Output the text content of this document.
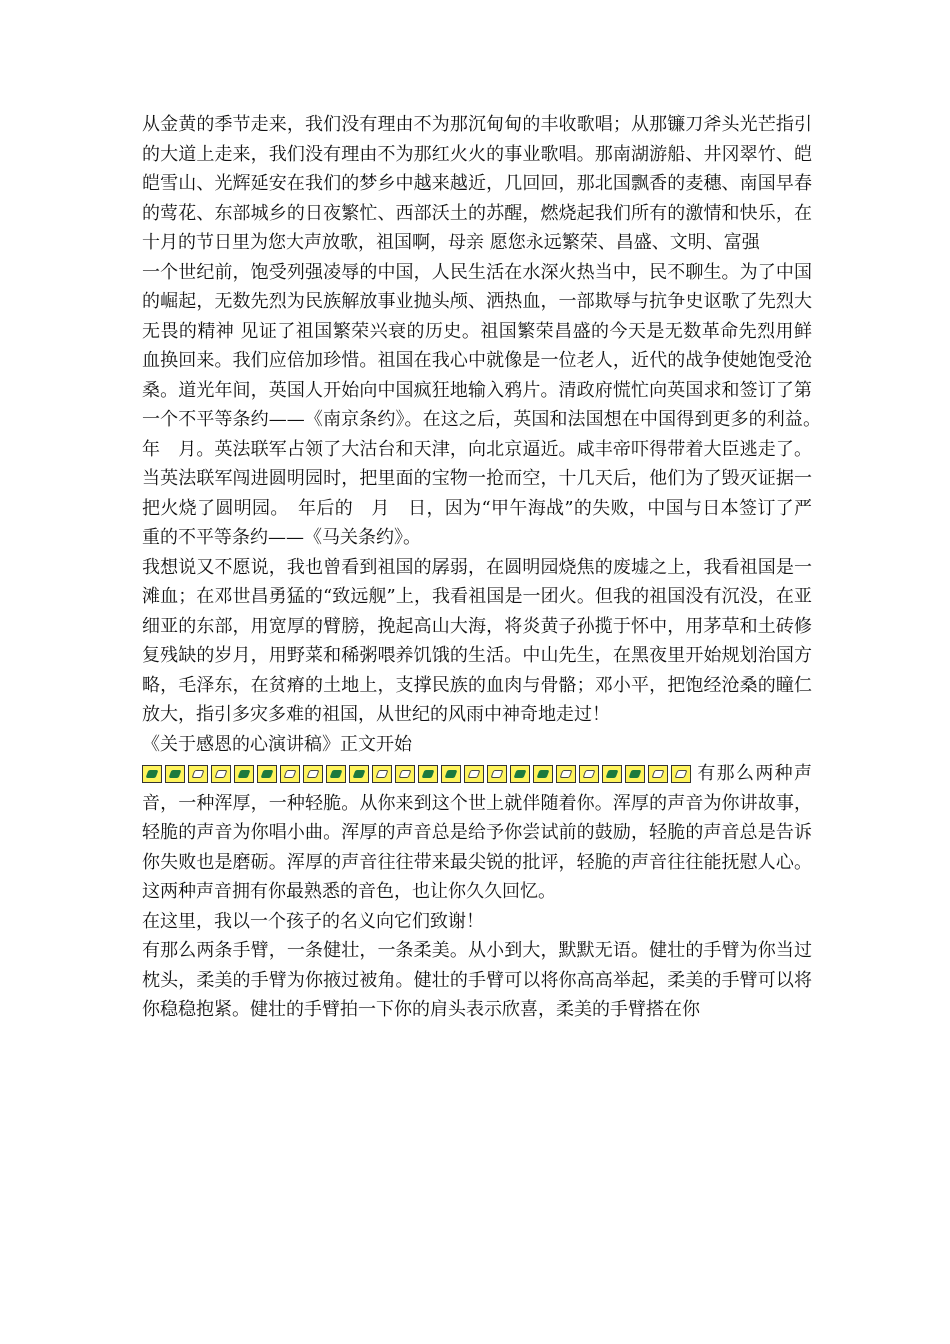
从金黄的季节走来，我们没有理由不为那沉甸甸的丰收歌唱；从那镰刀斧头光芒指引的大道上走来，我们没有理由不为那红火火的事业歌唱。那南湖游船、井冈翠竹、皑皑雪山、光辉延安在我们的梦乡中越来越近，几回回，那北国飘香的麦穗、南国早春的莺花、东部城乡的日夜繁忙、西部沃土的苏醒，燃烧起我们所有的激情和快乐，在十月的节日里为您大声放歌，祖国啊，母亲 愿您永远繁荣、昌盛、文明、富强

一个世纪前，饱受列强凌辱的中国，人民生活在水深火热当中，民不聊生。为了中国的崛起，无数先烈为民族解放事业抛头颅、洒热血，一部欺辱与抗争史讴歌了先烈大无畏的精神 见证了祖国繁荣兴衰的历史。祖国繁荣昌盛的今天是无数革命先烈用鲜血换回来。我们应倍加珍惜。祖国在我心中就像是一位老人，近代的战争使她饱受沧桑。道光年间，英国人开始向中国疯狂地输入鸦片。清政府慌忙向英国求和签订了第一个不平等条约——《南京条约》。在这之后，英国和法国想在中国得到更多的利益。　　　年　月。英法联军占领了大沽台和天津，向北京逼近。咸丰帝吓得带着大臣逃走了。当英法联军闯进圆明园时，把里面的宝物一抢而空，十几天后，他们为了毁灭证据一把火烧了圆明园。　年后的　月　日，因为“甲午海战”的失败，中国与日本签订了严重的不平等条约——《马关条约》。

我想说又不愿说，我也曾看到祖国的孱弱，在圆明园烧焦的废墟之上，我看祖国是一滩血；在邓世昌勇猛的“致远舰”上，我看祖国是一团火。但我的祖国没有沉没，在亚细亚的东部，用宽厚的臂膀，挽起高山大海，将炎黄子孙揽于怀中，用茅草和土砖修复残缺的岁月，用野菜和稀粥喂养饥饿的生活。中山先生，在黑夜里开始规划治国方略，毛泽东，在贫瘠的土地上，支撑民族的血肉与骨骼；邓小平，把饱经沧桑的瞳仁放大，指引多灾多难的祖国，从世纪的风雨中神奇地走过！

《关于感恩的心演讲稿》正文开始

有那么两种声音，一种浑厚，一种轻脆。从你来到这个世上就伴随着你。浑厚的声音为你讲故事，轻脆的声音为你唱小曲。浑厚的声音总是给予你尝试前的鼓励，轻脆的声音总是告诉你失败也是磨砺。浑厚的声音往往带来最尖锐的批评，轻脆的声音往往能抚慰人心。这两种声音拥有你最熟悉的音色，也让你久久回忆。

在这里，我以一个孩子的名义向它们致谢！

有那么两条手臂，一条健壮，一条柔美。从小到大，默默无语。健壮的手臂为你当过枕头，柔美的手臂为你掖过被角。健壮的手臂可以将你高高举起，柔美的手臂可以将你稳稳抱紧。健壮的手臂拍一下你的肩头表示欣喜，柔美的手臂搭在你
